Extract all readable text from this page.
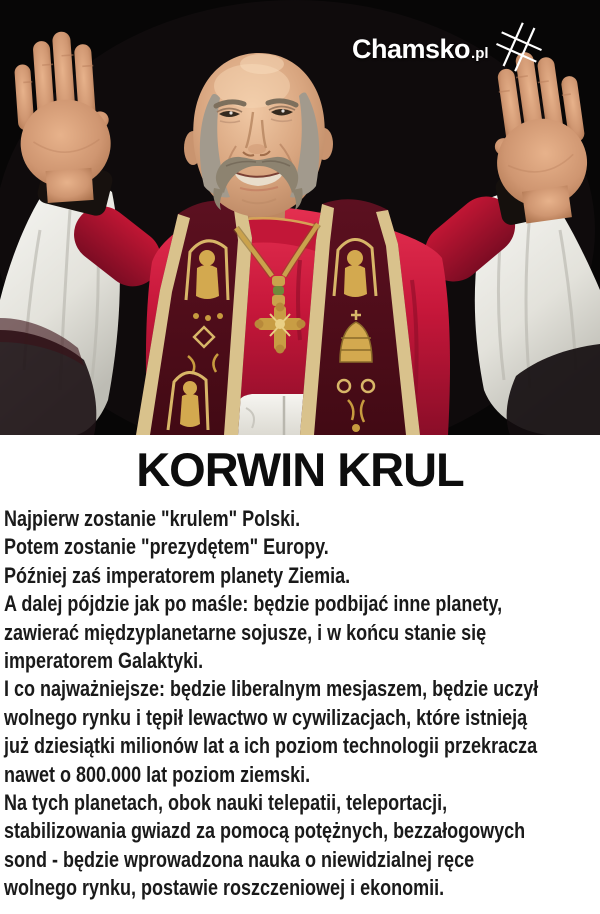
Chamsko .pl
KORWIN KRUL
Najpierw zostanie "krulem" Polski.
Potem zostanie "prezydętem" Europy.
Później zaś imperatorem planety Ziemia.
A dalej pójdzie jak po maśle: będzie podbijać inne planety,
zawierać międzyplanetarne sojusze, i w końcu stanie się
imperatorem Galaktyki.
I co najważniejsze: będzie liberalnym mesjaszem, będzie uczył
wolnego rynku i tępił lewactwo w cywilizacjach, które istnieją
już dziesiątki milionów lat a ich poziom technologii przekracza
nawet o 800.000 lat poziom ziemski.
Na tych planetach, obok nauki telepatii, teleportacji,
stabilizowania gwiazd za pomocą potężnych, bezzałogowych
sond - będzie wprowadzona nauka o niewidzialnej ręce
wolnego rynku, postawie roszczeniowej i ekonomii.
